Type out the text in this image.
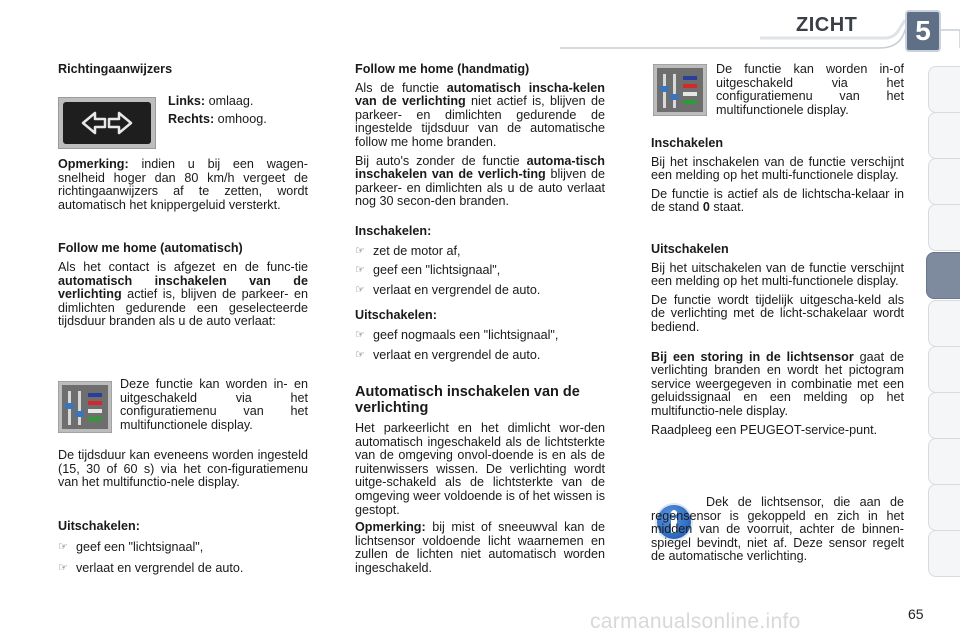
ZICHT	5

Richtingaanwijzers

Links: omlaag.

Rechts: omhoog.

Opmerking: indien u bij een wagen-snelheid hoger dan 80 km/h vergeet de richtingaanwijzers af te zetten, wordt automatisch het knippergeluid versterkt.

Follow me home (automatisch)

Als het contact is afgezet en de func-tie automatisch inschakelen van de verlichting actief is, blijven de parkeer- en dimlichten gedurende een geselecteerde tijdsduur branden als u de auto verlaat:

Deze functie kan worden in- en uitgeschakeld via het configuratiemenu van het multifunctionele display.

De tijdsduur kan eveneens worden ingesteld (15, 30 of 60 s) via het con-figuratiemenu van het multifunctio-nele display.

Uitschakelen:

☞ geef een "lichtsignaal",
☞ verlaat en vergrendel de auto.

Follow me home (handmatig)

Als de functie automatisch inscha-kelen van de verlichting niet actief is, blijven de parkeer- en dimlichten gedurende de ingestelde tijdsduur van de automatische follow me home branden.

Bij auto's zonder de functie automa-tisch inschakelen van de verlich-ting blijven de parkeer- en dimlichten als u de auto verlaat nog 30 secon-den branden.

Inschakelen:

☞ zet de motor af,
☞ geef een "lichtsignaal",
☞ verlaat en vergrendel de auto.

Uitschakelen:

☞ geef nogmaals een "lichtsignaal",
☞ verlaat en vergrendel de auto.

Automatisch inschakelen van de verlichting

Het parkeerlicht en het dimlicht wor-den automatisch ingeschakeld als de lichtsterkte van de omgeving onvol-doende is en als de ruitenwissers wissen. De verlichting wordt uitge-schakeld als de lichtsterkte van de omgeving weer voldoende is of het wissen is gestopt.

Opmerking: bij mist of sneeuwval kan de lichtsensor voldoende licht waarnemen en zullen de lichten niet automatisch worden ingeschakeld.

De functie kan worden in-of uitgeschakeld via het configuratiemenu van het multifunctionele display.

Inschakelen

Bij het inschakelen van de functie verschijnt een melding op het multi-functionele display.

De functie is actief als de lichtscha-kelaar in de stand 0 staat.

Uitschakelen

Bij het uitschakelen van de functie verschijnt een melding op het multi-functionele display.

De functie wordt tijdelijk uitgescha-keld als de verlichting met de licht-schakelaar wordt bediend.

Bij een storing in de lichtsensor gaat de verlichting branden en wordt het pictogram service weergegeven in combinatie met een geluidssignaal en een melding op het multifunctio-nele display.

Raadpleeg een PEUGEOT-service-punt.

Dek de lichtsensor, die aan de regensensor is gekoppeld en zich in het midden van de voorruit, achter de binnen-spiegel bevindt, niet af. Deze sensor regelt de automatische verlichting.

65
carmanualsonline.info
